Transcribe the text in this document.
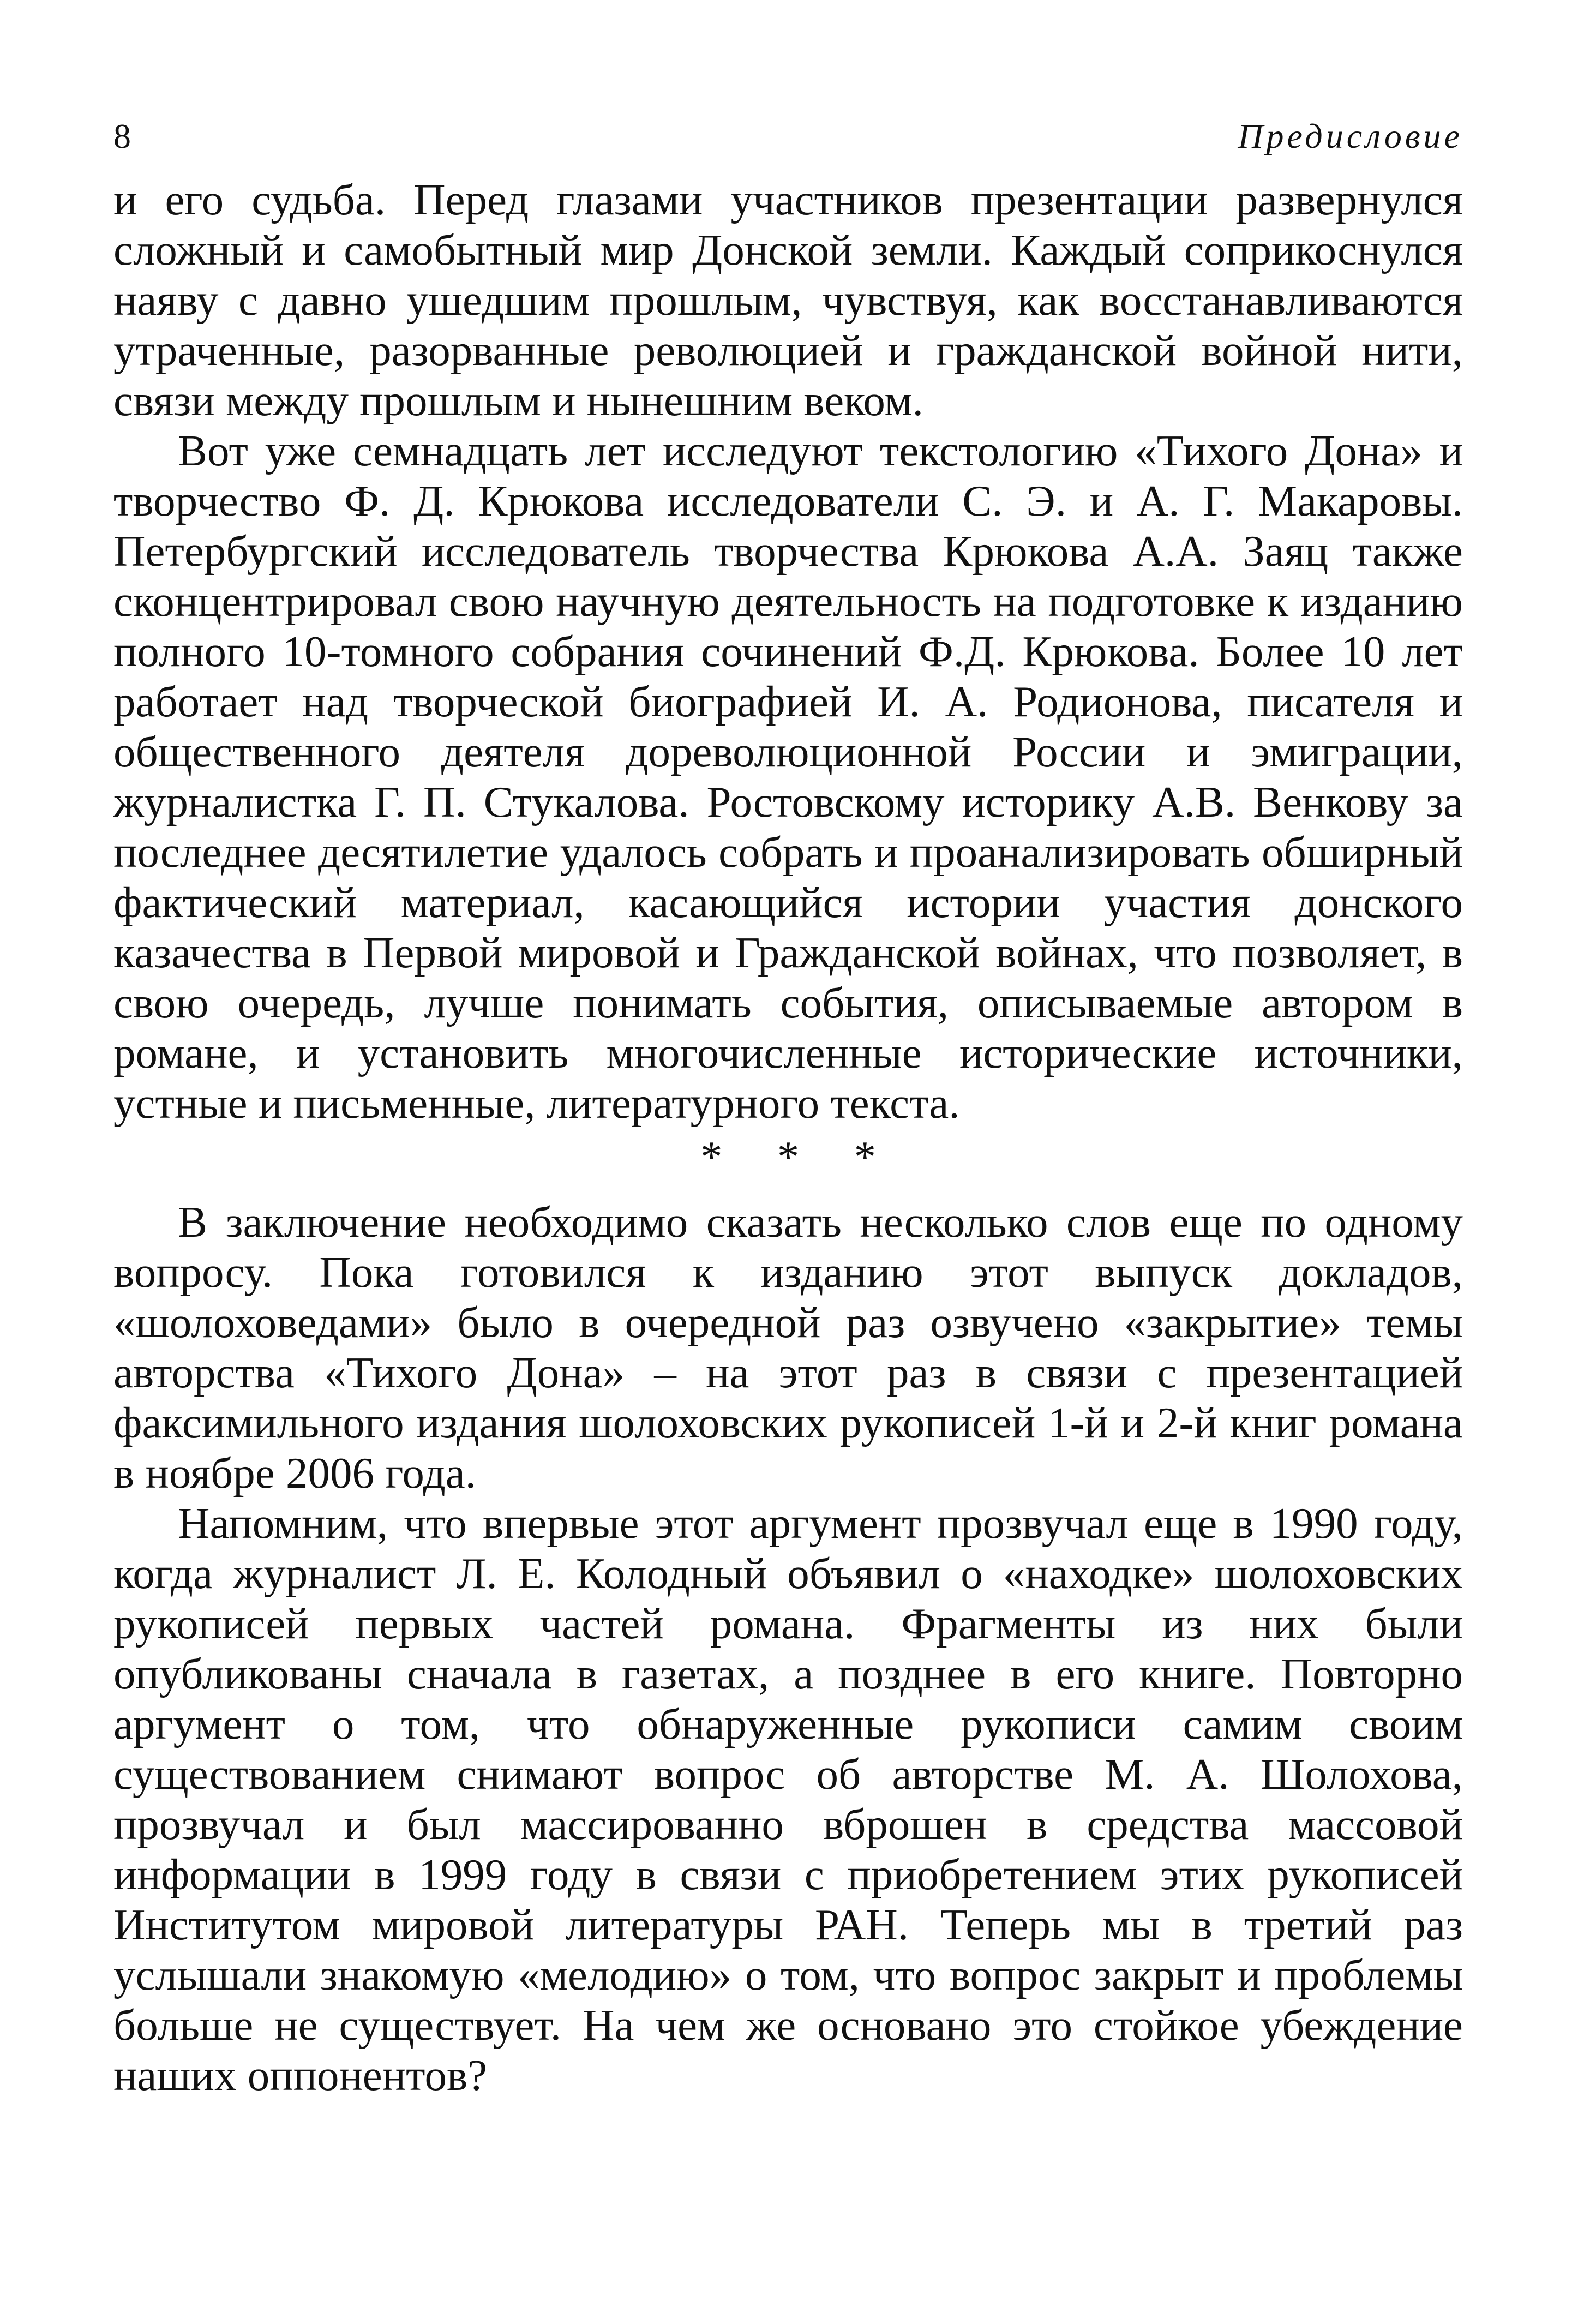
8	Предисловие

и его судьба. Перед глазами участников презентации развернулся сложный и самобытный мир Донской земли. Каждый соприкоснулся наяву с давно ушедшим прошлым, чувствуя, как восстанавливаются утраченные, разорванные революцией и гражданской войной нити, связи между прошлым и нынешним веком.

Вот уже семнадцать лет исследуют текстологию «Тихого Дона» и творчество Ф. Д. Крюкова исследователи С. Э. и А. Г. Макаровы. Петербургский исследователь творчества Крюкова А.А. Заяц также сконцентрировал свою научную деятельность на подготовке к изданию полного 10-томного собрания сочинений Ф.Д. Крюкова. Более 10 лет работает над творческой биографией И. А. Родионова, писателя и общественного деятеля дореволюционной России и эмиграции, журналистка Г. П. Стукалова. Ростовскому историку А.В. Венкову за последнее десятилетие удалось собрать и проанализировать обширный фактический материал, касающийся истории участия донского казачества в Первой мировой и Гражданской войнах, что позволяет, в свою очередь, лучше понимать события, описываемые автором в романе, и установить многочисленные исторические источники, устные и письменные, литературного текста.

* * *

В заключение необходимо сказать несколько слов еще по одному вопросу. Пока готовился к изданию этот выпуск докладов, «шолоховедами» было в очередной раз озвучено «закрытие» темы авторства «Тихого Дона» – на этот раз в связи с презентацией факсимильного издания шолоховских рукописей 1-й и 2-й книг романа в ноябре 2006 года.

Напомним, что впервые этот аргумент прозвучал еще в 1990 году, когда журналист Л. Е. Колодный объявил о «находке» шолоховских рукописей первых частей романа. Фрагменты из них были опубликованы сначала в газетах, а позднее в его книге. Повторно аргумент о том, что обнаруженные рукописи самим своим существованием снимают вопрос об авторстве М. А. Шолохова, прозвучал и был массированно вброшен в средства массовой информации в 1999 году в связи с приобретением этих рукописей Институтом мировой литературы РАН. Теперь мы в третий раз услышали знакомую «мелодию» о том, что вопрос закрыт и проблемы больше не существует. На чем же основано это стойкое убеждение наших оппонентов?
